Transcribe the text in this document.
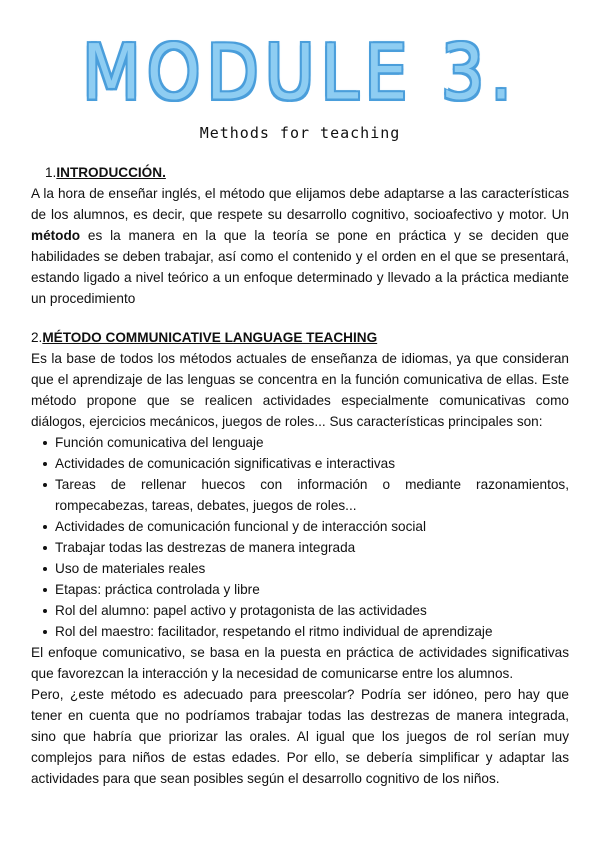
MODULE 3.
Methods for teaching
1.INTRODUCCIÓN.

A la hora de enseñar inglés, el método que elijamos debe adaptarse a las características de los alumnos, es decir, que respete su desarrollo cognitivo, socioafectivo y motor. Un método es la manera en la que la teoría se pone en práctica y se deciden que habilidades se deben trabajar, así como el contenido y el orden en el que se presentará, estando ligado a nivel teórico a un enfoque determinado y llevado a la práctica mediante un procedimiento

2.MÉTODO COMMUNICATIVE LANGUAGE TEACHING

Es la base de todos los métodos actuales de enseñanza de idiomas, ya que consideran que el aprendizaje de las lenguas se concentra en la función comunicativa de ellas. Este método propone que se realicen actividades especialmente comunicativas como diálogos, ejercicios mecánicos, juegos de roles... Sus características principales son:

Función comunicativa del lenguaje
Actividades de comunicación significativas e interactivas
Tareas de rellenar huecos con información o mediante razonamientos, rompecabezas, tareas, debates, juegos de roles...
Actividades de comunicación funcional y de interacción social
Trabajar todas las destrezas de manera integrada
Uso de materiales reales
Etapas: práctica controlada y libre
Rol del alumno: papel activo y protagonista de las actividades
Rol del maestro: facilitador, respetando el ritmo individual de aprendizaje

El enfoque comunicativo, se basa en la puesta en práctica de actividades significativas que favorezcan la interacción y la necesidad de comunicarse entre los alumnos.

Pero, ¿este método es adecuado para preescolar? Podría ser idóneo, pero hay que tener en cuenta que no podríamos trabajar todas las destrezas de manera integrada, sino que habría que priorizar las orales. Al igual que los juegos de rol serían muy complejos para niños de estas edades. Por ello, se debería simplificar y adaptar las actividades para que sean posibles según el desarrollo cognitivo de los niños.
